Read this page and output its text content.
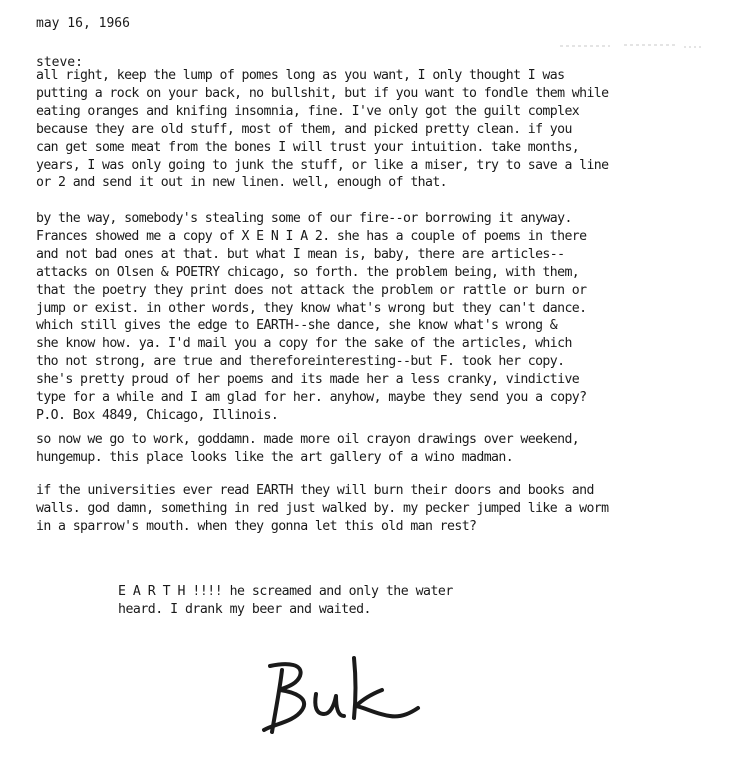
may 16, 1966
steve:

all right, keep the lump of pomes long as you want, I only thought I was
putting a rock on your back, no bullshit, but if you want to fondle them while
eating oranges and knifing insomnia, fine. I've only got the guilt complex
because they are old stuff, most of them, and picked pretty clean. if you
can get some meat from the bones I will trust your intuition. take months,
years, I was only going to junk the stuff, or like a miser, try to save a line
or 2 and send it out in new linen. well, enough of that.

by the way, somebody's stealing some of our fire--or borrowing it anyway.
Frances showed me a copy of X E N I A 2. she has a couple of poems in there
and not bad ones at that. but what I mean is, baby, there are articles--
attacks on Olsen & POETRY chicago, so forth. the problem being, with them,
that the poetry they print does not attack the problem or rattle or burn or
jump or exist. in other words, they know what's wrong but they can't dance.
which still gives the edge to EARTH--she dance, she know what's wrong &
she know how. ya. I'd mail you a copy for the sake of the articles, which
tho not strong, are true and thereforeinteresting--but F. took her copy.
she's pretty proud of her poems and its made her a less cranky, vindictive
type for a while and I am glad for her. anyhow, maybe they send you a copy?
P.O. Box 4849, Chicago, Illinois.

so now we go to work, goddamn. made more oil crayon drawings over weekend,
hungemup. this place looks like the art gallery of a wino madman.

if the universities ever read EARTH they will burn their doors and books and
walls. god damn, something in red just walked by. my pecker jumped like a worm
in a sparrow's mouth. when they gonna let this old man rest?

E A R T H !!!! he screamed and only the water
heard. I drank my beer and waited.
